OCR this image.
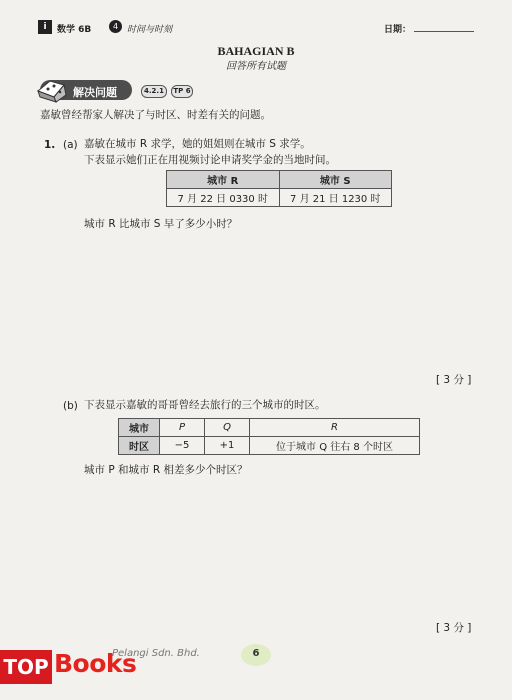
i	数学 6B	4 时间与时刻	日期：
BAHAGIAN B
回答所有试题
解决问题	4.2.1	TP 6
嘉敏曾经帮家人解决了与时区、时差有关的问题。
1. (a) 嘉敏在城市 R 求学，她的姐姐则在城市 S 求学。
下表显示她们正在用视频讨论申请奖学金的当地时间。
城市 R	城市 S
7 月 22 日 0330 时	7 月 21 日 1230 时
城市 R 比城市 S 早了多少小时？
[ 3 分 ]
(b) 下表显示嘉敏的哥哥曾经去旅行的三个城市的时区。
城市	P	Q	R
时区	−5	+1	位于城市 Q 往右 8 个时区
城市 P 和城市 R 相差多少个时区？
[ 3 分 ]
Pelangi Sdn. Bhd.	6
TOP Books
